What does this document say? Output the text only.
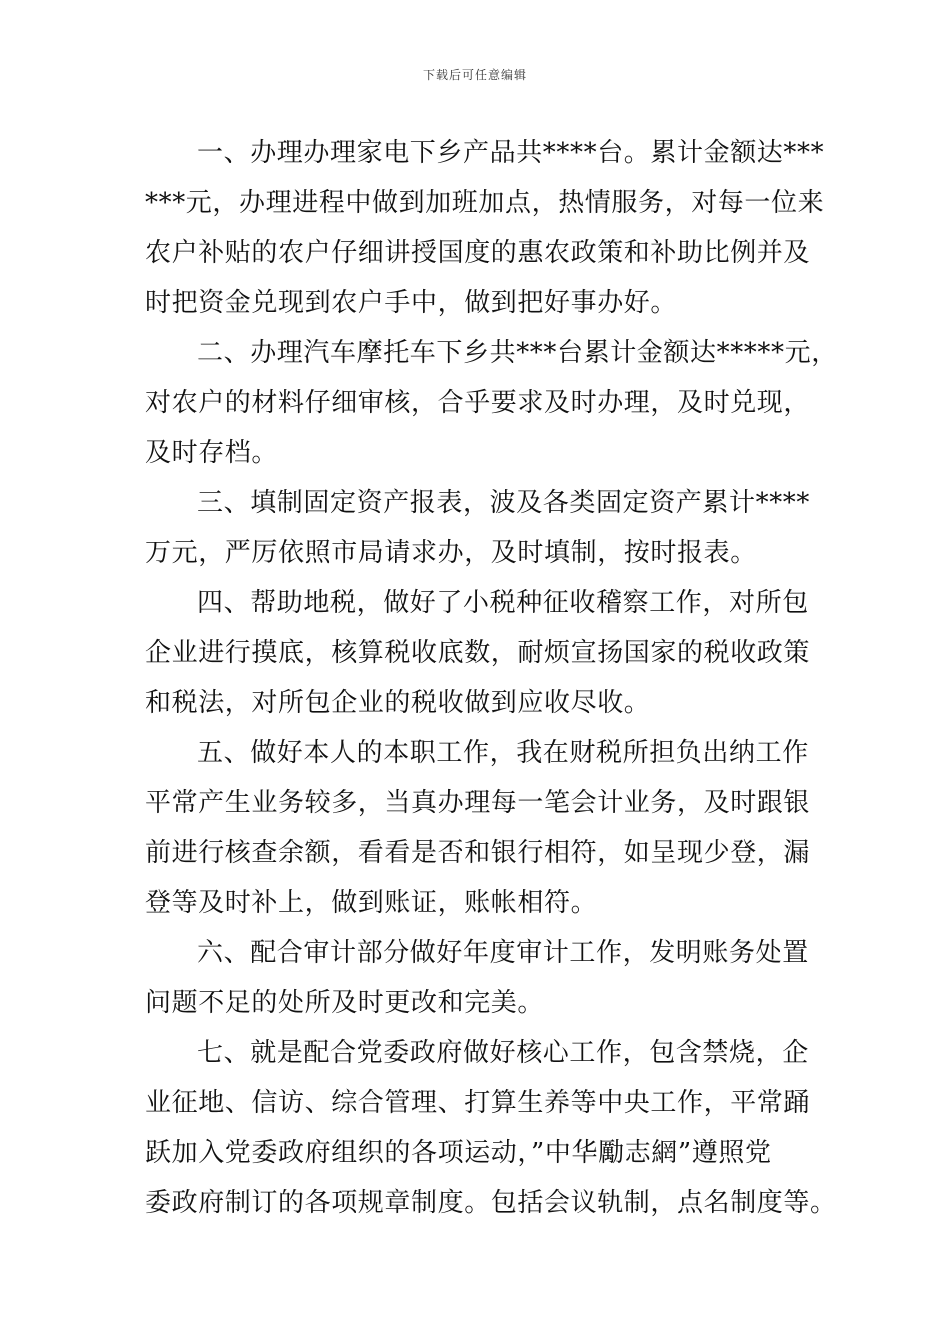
下载后可任意编辑
一、办理办理家电下乡产品共****台。累计金额达***
***元，办理进程中做到加班加点，热情服务，对每一位来
农户补贴的农户仔细讲授国度的惠农政策和补助比例并及
时把资金兑现到农户手中，做到把好事办好。
二、办理汽车摩托车下乡共***台累计金额达*****元，
对农户的材料仔细审核，合乎要求及时办理，及时兑现，
及时存档。
三、填制固定资产报表，波及各类固定资产累计****
万元，严厉依照市局请求办，及时填制，按时报表。
四、帮助地税，做好了小税种征收稽察工作，对所包
企业进行摸底，核算税收底数，耐烦宣扬国家的税收政策
和税法，对所包企业的税收做到应收尽收。
五、做好本人的本职工作，我在财税所担负出纳工作
平常产生业务较多，当真办理每一笔会计业务，及时跟银
前进行核查余额，看看是否和银行相符，如呈现少登，漏
登等及时补上，做到账证，账帐相符。
六、配合审计部分做好年度审计工作，发明账务处置
问题不足的处所及时更改和完美。
七、就是配合党委政府做好核心工作，包含禁烧，企
业征地、信访、综合管理、打算生养等中央工作，平常踊
跃加入党委政府组织的各项运动，”中华勵志網”遵照党
委政府制订的各项规章制度。包括会议轨制，点名制度等。
